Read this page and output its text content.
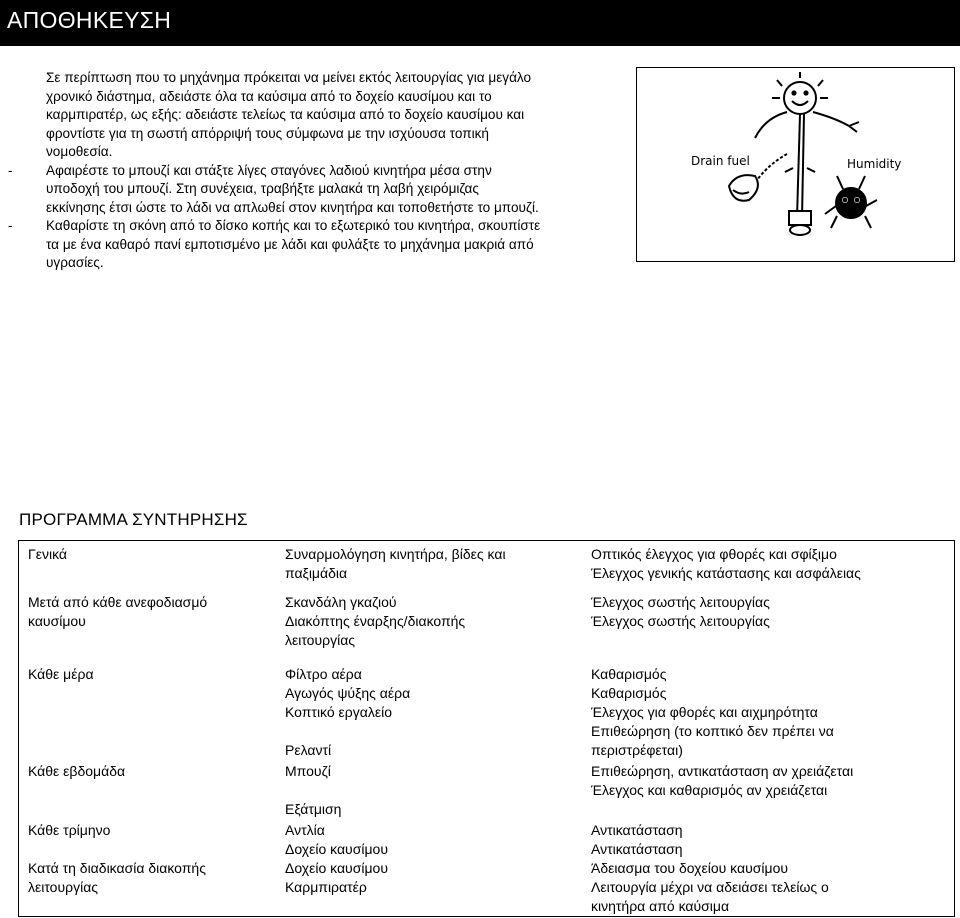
ΑΠΟΘΗΚΕΥΣΗ

Σε περίπτωση που το μηχάνημα πρόκειται να μείνει εκτός λειτουργίας για μεγάλο
χρονικό διάστημα, αδειάστε όλα τα καύσιμα από το δοχείο καυσίμου και το
καρμπιρατέρ, ως εξής: αδειάστε τελείως τα καύσιμα από το δοχείο καυσίμου και
φροντίστε για τη σωστή απόρριψή τους σύμφωνα με την ισχύουσα τοπική
νομοθεσία.

- Αφαιρέστε το μπουζί και στάξτε λίγες σταγόνες λαδιού κινητήρα μέσα στην
υποδοχή του μπουζί. Στη συνέχεια, τραβήξτε μαλακά τη λαβή χειρόμιζας
εκκίνησης έτσι ώστε το λάδι να απλωθεί στον κινητήρα και τοποθετήστε το μπουζί.
- Καθαρίστε τη σκόνη από το δίσκο κοπής και το εξωτερικό του κινητήρα, σκουπίστε
τα με ένα καθαρό πανί εμποτισμένο με λάδι και φυλάξτε το μηχάνημα μακριά από
υγρασίες.
Drain fuel	Humidity
ΠΡΟΓΡΑΜΜΑ ΣΥΝΤΗΡΗΣΗΣ
Γενικά
Μετά από κάθε ανεφοδιασμό
καυσίμου
Κάθε μέρα
Κάθε εβδομάδα
Κάθε τρίμηνο
Κατά τη διαδικασία διακοπής
λειτουργίας
Συναρμολόγηση κινητήρα, βίδες και
παξιμάδια
Σκανδάλη γκαζιού
Διακόπτης έναρξης/διακοπής
λειτουργίας
Φίλτρο αέρα
Αγωγός ψύξης αέρα
Κοπτικό εργαλείο
Ρελαντί
Μπουζί
Εξάτμιση
Αντλία
Δοχείο καυσίμου
Δοχείο καυσίμου
Καρμπιρατέρ
Οπτικός έλεγχος για φθορές και σφίξιμο
Έλεγχος γενικής κατάστασης και ασφάλειας
Έλεγχος σωστής λειτουργίας
Έλεγχος σωστής λειτουργίας
Καθαρισμός
Καθαρισμός
Έλεγχος για φθορές και αιχμηρότητα
Επιθεώρηση (το κοπτικό δεν πρέπει να
περιστρέφεται)
Επιθεώρηση, αντικατάσταση αν χρειάζεται
Έλεγχος και καθαρισμός αν χρειάζεται
Αντικατάσταση
Αντικατάσταση
Άδειασμα του δοχείου καυσίμου
Λειτουργία μέχρι να αδειάσει τελείως ο
κινητήρα από καύσιμα
